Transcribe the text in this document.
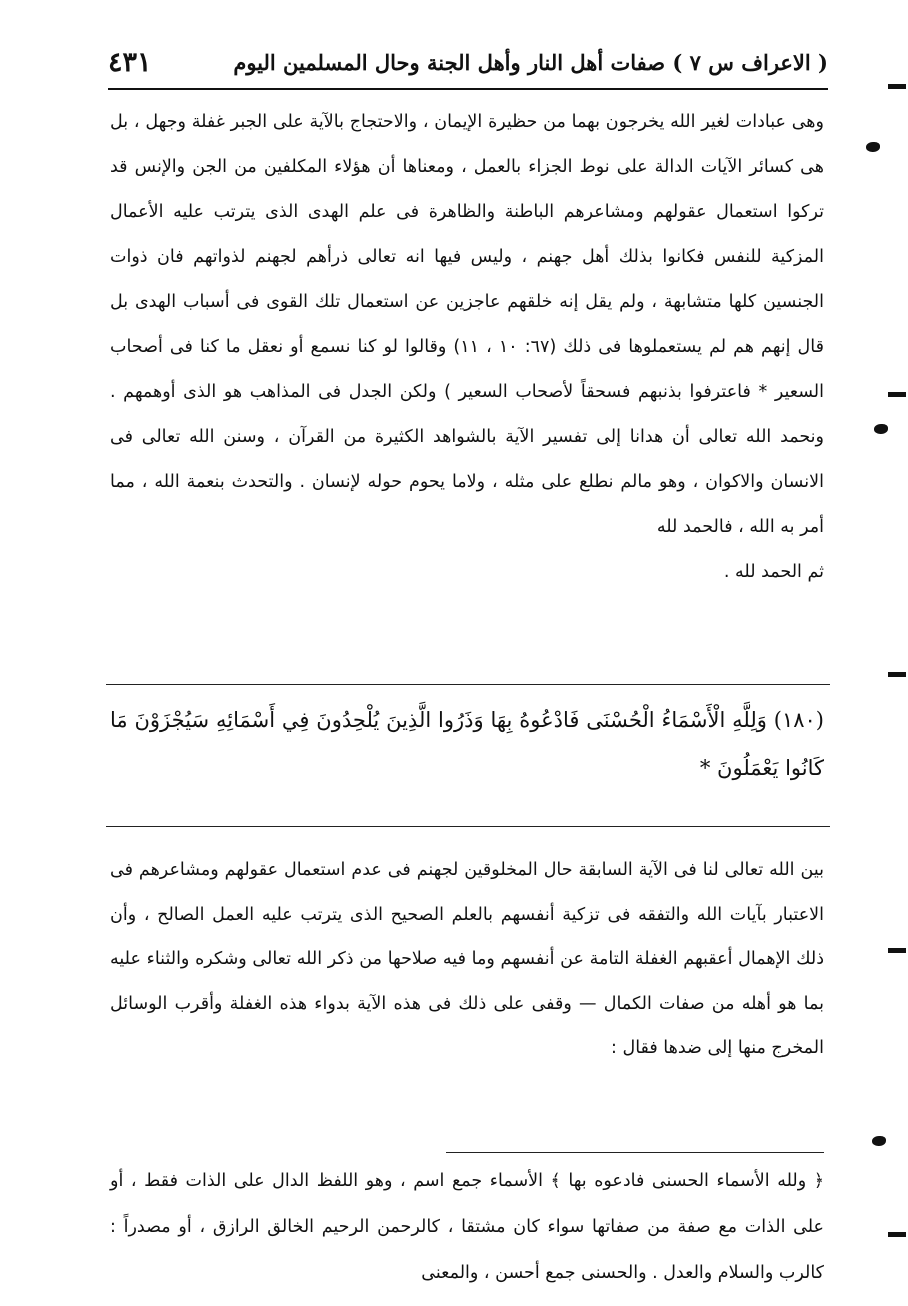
( الاعراف س ٧ ) صفات أهل النار وأهل الجنة وحال المسلمين اليوم
٤٣١

وهى عبادات لغير الله يخرجون بهما من حظيرة الإيمان ، والاحتجاج بالآية على الجبر غفلة وجهل ، بل هى كسائر الآيات الدالة على نوط الجزاء بالعمل ، ومعناها أن هؤلاء المكلفين من الجن والإنس قد تركوا استعمال عقولهم ومشاعرهم الباطنة والظاهرة فى علم الهدى الذى يترتب عليه الأعمال المزكية للنفس فكانوا بذلك أهل جهنم ، وليس فيها انه تعالى ذرأهم لجهنم لذواتهم فان ذوات الجنسين كلها متشابهة ، ولم يقل إنه خلقهم عاجزين عن استعمال تلك القوى فى أسباب الهدى بل قال إنهم هم لم يستعملوها فى ذلك (٦٧: ١٠ ، ١١) وقالوا لو كنا نسمع أو نعقل ما كنا فى أصحاب السعير * فاعترفوا بذنبهم فسحقاً لأصحاب السعير ) ولكن الجدل فى المذاهب هو الذى أوهمهم . ونحمد الله تعالى أن هدانا إلى تفسير الآية بالشواهد الكثيرة من القرآن ، وسنن الله تعالى فى الانسان والاكوان ، وهو مالم نطلع على مثله ، ولاما يحوم حوله لإنسان . والتحدث بنعمة الله ، مما أمر به الله ، فالحمد لله

ثم الحمد لله .

(١٨٠) وَلِلَّهِ الْأَسْمَاءُ الْحُسْنَى فَادْعُوهُ بِهَا وَذَرُوا الَّذِينَ يُلْحِدُونَ فِي أَسْمَائِهِ سَيُجْزَوْنَ مَا كَانُوا يَعْمَلُونَ *

بين الله تعالى لنا فى الآية السابقة حال المخلوقين لجهنم فى عدم استعمال عقولهم ومشاعرهم فى الاعتبار بآيات الله والتفقه فى تزكية أنفسهم بالعلم الصحيح الذى يترتب عليه العمل الصالح ، وأن ذلك الإهمال أعقبهم الغفلة التامة عن أنفسهم وما فيه صلاحها من ذكر الله تعالى وشكره والثناء عليه بما هو أهله من صفات الكمال — وقفى على ذلك فى هذه الآية بدواء هذه الغفلة وأقرب الوسائل المخرج منها إلى ضدها فقال :

﴿ ولله الأسماء الحسنى فادعوه بها ﴾ الأسماء جمع اسم ، وهو اللفظ الدال على الذات فقط ، أو على الذات مع صفة من صفاتها سواء كان مشتقا ، كالرحمن الرحيم الخالق الرازق ، أو مصدراً : كالرب والسلام والعدل . والحسنى جمع أحسن ، والمعنى
